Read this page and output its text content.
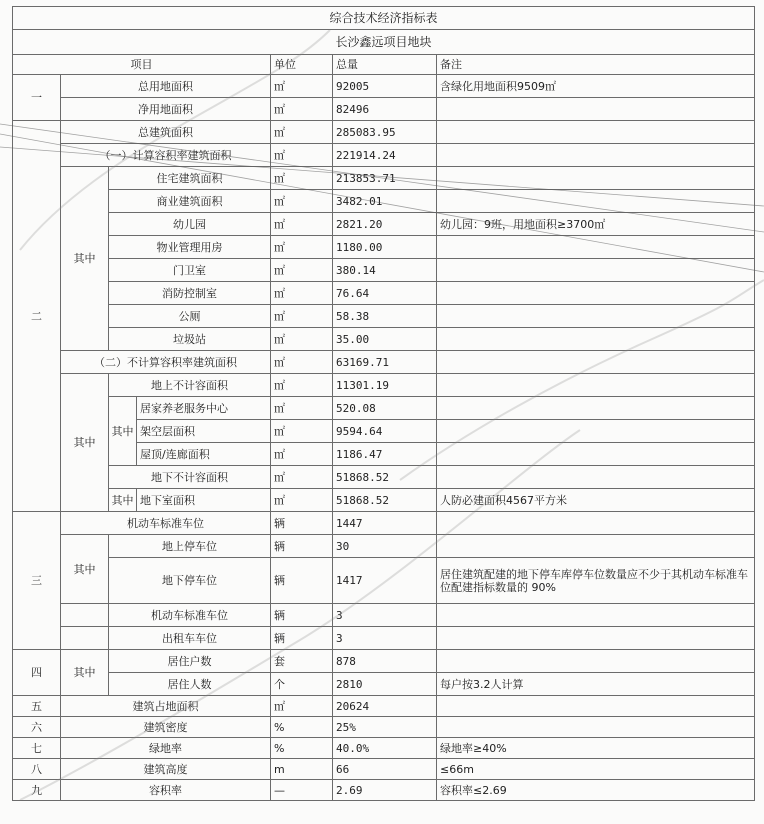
综合技术经济指标表						
长沙鑫远项目地块						
项目				单位	总量	备注
一	总用地面积			㎡	92005	含绿化用地面积9509㎡
	净用地面积			㎡	82496	
二	总建筑面积			㎡	285083.95	
	（一）计算容积率建筑面积			㎡	221914.24	
	其中	住宅建筑面积		㎡	213853.71	
		商业建筑面积		㎡	3482.01	
		幼儿园		㎡	2821.20	幼儿园：9班，用地面积≥3700㎡
		物业管理用房		㎡	1180.00	
		门卫室		㎡	380.14	
		消防控制室		㎡	76.64	
		公厕		㎡	58.38	
		垃圾站		㎡	35.00	
	（二）不计算容积率建筑面积			㎡	63169.71	
	其中	地上不计容面积		㎡	11301.19	
		其中	居家养老服务中心	㎡	520.08	
			架空层面积	㎡	9594.64	
			屋顶/连廊面积	㎡	1186.47	
		地下不计容面积		㎡	51868.52	
		其中	地下室面积	㎡	51868.52	人防必建面积4567平方米
三	机动车标准车位			辆	1447	
	其中	地上停车位		辆	30	
		地下停车位		辆	1417	居住建筑配建的地下停车库停车位数量应不少于其机动车标准车位配建指标数量的 90%
		机动车标准车位		辆	3	
		出租车车位		辆	3	
四	其中	居住户数		套	878	
		居住人数		个	2810	每户按3.2人计算
五	建筑占地面积			㎡	20624	
六	建筑密度			%	25%	
七	绿地率			%	40.0%	绿地率≥40%
八	建筑高度			m	66	≤66m
九	容积率			—	2.69	容积率≤2.69
